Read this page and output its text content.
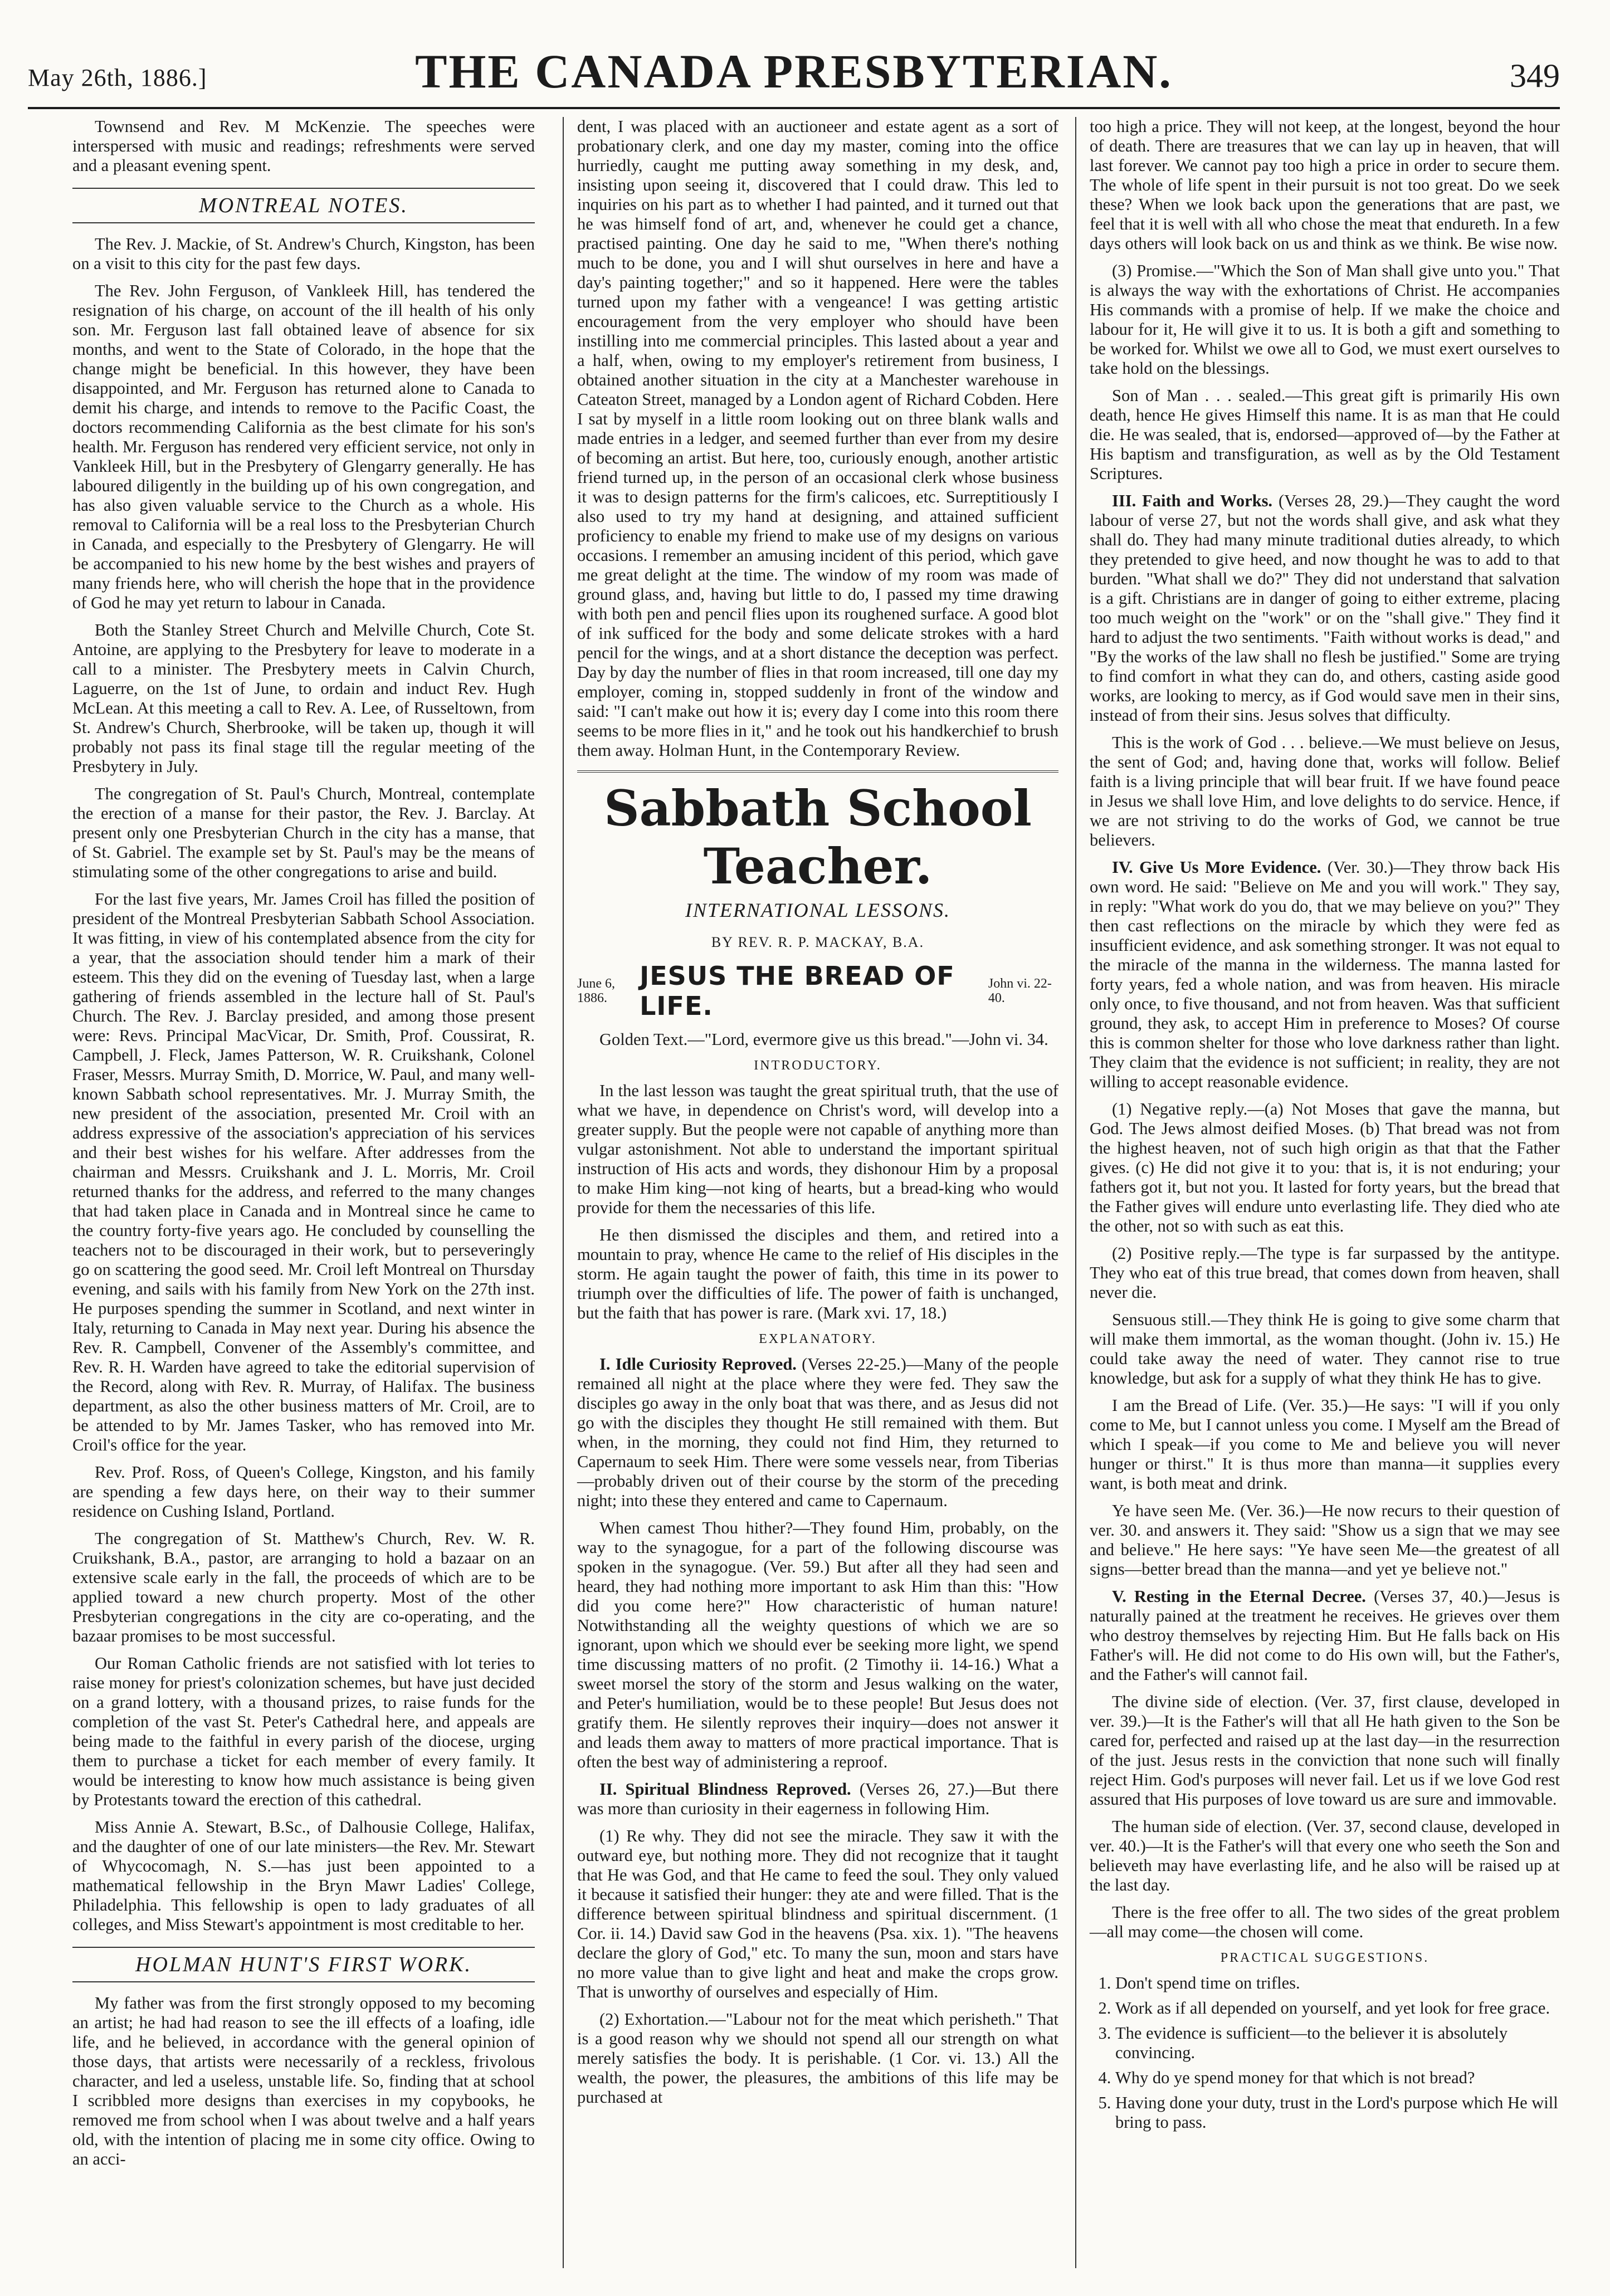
May 26th, 1886.]	THE CANADA PRESBYTERIAN.	349

Townsend and Rev. M McKenzie. The speeches were interspersed with music and readings; refreshments were served and a pleasant evening spent.

MONTREAL NOTES.

The Rev. J. Mackie, of St. Andrew's Church, Kingston, has been on a visit to this city for the past few days.

The Rev. John Ferguson, of Vankleek Hill, has tendered the resignation of his charge, on account of the ill health of his only son. Mr. Ferguson last fall obtained leave of absence for six months, and went to the State of Colorado, in the hope that the change might be beneficial. In this however, they have been disappointed, and Mr. Ferguson has returned alone to Canada to demit his charge, and intends to remove to the Pacific Coast, the doctors recommending California as the best climate for his son's health. Mr. Ferguson has rendered very efficient service, not only in Vankleek Hill, but in the Presbytery of Glengarry generally. He has laboured diligently in the building up of his own congregation, and has also given valuable service to the Church as a whole. His removal to California will be a real loss to the Presbyterian Church in Canada, and especially to the Presbytery of Glengarry. He will be accompanied to his new home by the best wishes and prayers of many friends here, who will cherish the hope that in the providence of God he may yet return to labour in Canada.

Both the Stanley Street Church and Melville Church, Cote St. Antoine, are applying to the Presbytery for leave to moderate in a call to a minister. The Presbytery meets in Calvin Church, Laguerre, on the 1st of June, to ordain and induct Rev. Hugh McLean. At this meeting a call to Rev. A. Lee, of Russeltown, from St. Andrew's Church, Sherbrooke, will be taken up, though it will probably not pass its final stage till the regular meeting of the Presbytery in July.

The congregation of St. Paul's Church, Montreal, contemplate the erection of a manse for their pastor, the Rev. J. Barclay. At present only one Presbyterian Church in the city has a manse, that of St. Gabriel. The example set by St. Paul's may be the means of stimulating some of the other congregations to arise and build.

For the last five years, Mr. James Croil has filled the position of president of the Montreal Presbyterian Sabbath School Association. It was fitting, in view of his contemplated absence from the city for a year, that the association should tender him a mark of their esteem. This they did on the evening of Tuesday last, when a large gathering of friends assembled in the lecture hall of St. Paul's Church. The Rev. J. Barclay presided, and among those present were: Revs. Principal MacVicar, Dr. Smith, Prof. Coussirat, R. Campbell, J. Fleck, James Patterson, W. R. Cruikshank, Colonel Fraser, Messrs. Murray Smith, D. Morrice, W. Paul, and many well-known Sabbath school representatives. Mr. J. Murray Smith, the new president of the association, presented Mr. Croil with an address expressive of the association's appreciation of his services and their best wishes for his welfare. After addresses from the chairman and Messrs. Cruikshank and J. L. Morris, Mr. Croil returned thanks for the address, and referred to the many changes that had taken place in Canada and in Montreal since he came to the country forty-five years ago. He concluded by counselling the teachers not to be discouraged in their work, but to perseveringly go on scattering the good seed. Mr. Croil left Montreal on Thursday evening, and sails with his family from New York on the 27th inst. He purposes spending the summer in Scotland, and next winter in Italy, returning to Canada in May next year. During his absence the Rev. R. Campbell, Convener of the Assembly's committee, and Rev. R. H. Warden have agreed to take the editorial supervision of the Record, along with Rev. R. Murray, of Halifax. The business department, as also the other business matters of Mr. Croil, are to be attended to by Mr. James Tasker, who has removed into Mr. Croil's office for the year.

Rev. Prof. Ross, of Queen's College, Kingston, and his family are spending a few days here, on their way to their summer residence on Cushing Island, Portland.

The congregation of St. Matthew's Church, Rev. W. R. Cruikshank, B.A., pastor, are arranging to hold a bazaar on an extensive scale early in the fall, the proceeds of which are to be applied toward a new church property. Most of the other Presbyterian congregations in the city are co-operating, and the bazaar promises to be most successful.

Our Roman Catholic friends are not satisfied with lot teries to raise money for priest's colonization schemes, but have just decided on a grand lottery, with a thousand prizes, to raise funds for the completion of the vast St. Peter's Cathedral here, and appeals are being made to the faithful in every parish of the diocese, urging them to purchase a ticket for each member of every family. It would be interesting to know how much assistance is being given by Protestants toward the erection of this cathedral.

Miss Annie A. Stewart, B.Sc., of Dalhousie College, Halifax, and the daughter of one of our late ministers—the Rev. Mr. Stewart of Whycocomagh, N. S.—has just been appointed to a mathematical fellowship in the Bryn Mawr Ladies' College, Philadelphia. This fellowship is open to lady graduates of all colleges, and Miss Stewart's appointment is most creditable to her.

HOLMAN HUNT'S FIRST WORK.

My father was from the first strongly opposed to my becoming an artist; he had had reason to see the ill effects of a loafing, idle life, and he believed, in accordance with the general opinion of those days, that artists were necessarily of a reckless, frivolous character, and led a useless, unstable life. So, finding that at school I scribbled more designs than exercises in my copybooks, he removed me from school when I was about twelve and a half years old, with the intention of placing me in some city office. Owing to an acci-

dent, I was placed with an auctioneer and estate agent as a sort of probationary clerk, and one day my master, coming into the office hurriedly, caught me putting away something in my desk, and, insisting upon seeing it, discovered that I could draw. This led to inquiries on his part as to whether I had painted, and it turned out that he was himself fond of art, and, whenever he could get a chance, practised painting. One day he said to me, "When there's nothing much to be done, you and I will shut ourselves in here and have a day's painting together;" and so it happened. Here were the tables turned upon my father with a vengeance! I was getting artistic encouragement from the very employer who should have been instilling into me commercial principles. This lasted about a year and a half, when, owing to my employer's retirement from business, I obtained another situation in the city at a Manchester warehouse in Cateaton Street, managed by a London agent of Richard Cobden. Here I sat by myself in a little room looking out on three blank walls and made entries in a ledger, and seemed further than ever from my desire of becoming an artist. But here, too, curiously enough, another artistic friend turned up, in the person of an occasional clerk whose business it was to design patterns for the firm's calicoes, etc. Surreptitiously I also used to try my hand at designing, and attained sufficient proficiency to enable my friend to make use of my designs on various occasions. I remember an amusing incident of this period, which gave me great delight at the time. The window of my room was made of ground glass, and, having but little to do, I passed my time drawing with both pen and pencil flies upon its roughened surface. A good blot of ink sufficed for the body and some delicate strokes with a hard pencil for the wings, and at a short distance the deception was perfect. Day by day the number of flies in that room increased, till one day my employer, coming in, stopped suddenly in front of the window and said: "I can't make out how it is; every day I come into this room there seems to be more flies in it," and he took out his handkerchief to brush them away. Holman Hunt, in the Contemporary Review.

Sabbath School Teacher.
INTERNATIONAL LESSONS.
BY REV. R. P. MACKAY, B.A.
June 6, 1886.
JESUS THE BREAD OF LIFE.
John vi. 22-40.

Golden Text.—"Lord, evermore give us this bread."—John vi. 34.

INTRODUCTORY.

In the last lesson was taught the great spiritual truth, that the use of what we have, in dependence on Christ's word, will develop into a greater supply. But the people were not capable of anything more than vulgar astonishment. Not able to understand the important spiritual instruction of His acts and words, they dishonour Him by a proposal to make Him king—not king of hearts, but a bread-king who would provide for them the necessaries of this life.

He then dismissed the disciples and them, and retired into a mountain to pray, whence He came to the relief of His disciples in the storm. He again taught the power of faith, this time in its power to triumph over the difficulties of life. The power of faith is unchanged, but the faith that has power is rare. (Mark xvi. 17, 18.)

EXPLANATORY.

I. Idle Curiosity Reproved. (Verses 22-25.)—Many of the people remained all night at the place where they were fed. They saw the disciples go away in the only boat that was there, and as Jesus did not go with the disciples they thought He still remained with them. But when, in the morning, they could not find Him, they returned to Capernaum to seek Him. There were some vessels near, from Tiberias—probably driven out of their course by the storm of the preceding night; into these they entered and came to Capernaum.

When camest Thou hither?—They found Him, probably, on the way to the synagogue, for a part of the following discourse was spoken in the synagogue. (Ver. 59.) But after all they had seen and heard, they had nothing more important to ask Him than this: "How did you come here?" How characteristic of human nature! Notwithstanding all the weighty questions of which we are so ignorant, upon which we should ever be seeking more light, we spend time discussing matters of no profit. (2 Timothy ii. 14-16.) What a sweet morsel the story of the storm and Jesus walking on the water, and Peter's humiliation, would be to these people! But Jesus does not gratify them. He silently reproves their inquiry—does not answer it and leads them away to matters of more practical importance. That is often the best way of administering a reproof.

II. Spiritual Blindness Reproved. (Verses 26, 27.)—But there was more than curiosity in their eagerness in following Him.

(1) Re why. They did not see the miracle. They saw it with the outward eye, but nothing more. They did not recognize that it taught that He was God, and that He came to feed the soul. They only valued it because it satisfied their hunger: they ate and were filled. That is the difference between spiritual blindness and spiritual discernment. (1 Cor. ii. 14.) David saw God in the heavens (Psa. xix. 1). "The heavens declare the glory of God," etc. To many the sun, moon and stars have no more value than to give light and heat and make the crops grow. That is unworthy of ourselves and especially of Him.

(2) Exhortation.—"Labour not for the meat which perisheth." That is a good reason why we should not spend all our strength on what merely satisfies the body. It is perishable. (1 Cor. vi. 13.) All the wealth, the power, the pleasures, the ambitions of this life may be purchased at

too high a price. They will not keep, at the longest, beyond the hour of death. There are treasures that we can lay up in heaven, that will last forever. We cannot pay too high a price in order to secure them. The whole of life spent in their pursuit is not too great. Do we seek these? When we look back upon the generations that are past, we feel that it is well with all who chose the meat that endureth. In a few days others will look back on us and think as we think. Be wise now.

(3) Promise.—"Which the Son of Man shall give unto you." That is always the way with the exhortations of Christ. He accompanies His commands with a promise of help. If we make the choice and labour for it, He will give it to us. It is both a gift and something to be worked for. Whilst we owe all to God, we must exert ourselves to take hold on the blessings.

Son of Man . . . sealed.—This great gift is primarily His own death, hence He gives Himself this name. It is as man that He could die. He was sealed, that is, endorsed—approved of—by the Father at His baptism and transfiguration, as well as by the Old Testament Scriptures.

III. Faith and Works. (Verses 28, 29.)—They caught the word labour of verse 27, but not the words shall give, and ask what they shall do. They had many minute traditional duties already, to which they pretended to give heed, and now thought he was to add to that burden. "What shall we do?" They did not understand that salvation is a gift. Christians are in danger of going to either extreme, placing too much weight on the "work" or on the "shall give." They find it hard to adjust the two sentiments. "Faith without works is dead," and "By the works of the law shall no flesh be justified." Some are trying to find comfort in what they can do, and others, casting aside good works, are looking to mercy, as if God would save men in their sins, instead of from their sins. Jesus solves that difficulty.

This is the work of God . . . believe.—We must believe on Jesus, the sent of God; and, having done that, works will follow. Belief faith is a living principle that will bear fruit. If we have found peace in Jesus we shall love Him, and love delights to do service. Hence, if we are not striving to do the works of God, we cannot be true believers.

IV. Give Us More Evidence. (Ver. 30.)—They throw back His own word. He said: "Believe on Me and you will work." They say, in reply: "What work do you do, that we may believe on you?" They then cast reflections on the miracle by which they were fed as insufficient evidence, and ask something stronger. It was not equal to the miracle of the manna in the wilderness. The manna lasted for forty years, fed a whole nation, and was from heaven. His miracle only once, to five thousand, and not from heaven. Was that sufficient ground, they ask, to accept Him in preference to Moses? Of course this is common shelter for those who love darkness rather than light. They claim that the evidence is not sufficient; in reality, they are not willing to accept reasonable evidence.

(1) Negative reply.—(a) Not Moses that gave the manna, but God. The Jews almost deified Moses. (b) That bread was not from the highest heaven, not of such high origin as that that the Father gives. (c) He did not give it to you: that is, it is not enduring; your fathers got it, but not you. It lasted for forty years, but the bread that the Father gives will endure unto everlasting life. They died who ate the other, not so with such as eat this.

(2) Positive reply.—The type is far surpassed by the antitype. They who eat of this true bread, that comes down from heaven, shall never die.

Sensuous still.—They think He is going to give some charm that will make them immortal, as the woman thought. (John iv. 15.) He could take away the need of water. They cannot rise to true knowledge, but ask for a supply of what they think He has to give.

I am the Bread of Life. (Ver. 35.)—He says: "I will if you only come to Me, but I cannot unless you come. I Myself am the Bread of which I speak—if you come to Me and believe you will never hunger or thirst." It is thus more than manna—it supplies every want, is both meat and drink.

Ye have seen Me. (Ver. 36.)—He now recurs to their question of ver. 30. and answers it. They said: "Show us a sign that we may see and believe." He here says: "Ye have seen Me—the greatest of all signs—better bread than the manna—and yet ye believe not."

V. Resting in the Eternal Decree. (Verses 37, 40.)—Jesus is naturally pained at the treatment he receives. He grieves over them who destroy themselves by rejecting Him. But He falls back on His Father's will. He did not come to do His own will, but the Father's, and the Father's will cannot fail.

The divine side of election. (Ver. 37, first clause, developed in ver. 39.)—It is the Father's will that all He hath given to the Son be cared for, perfected and raised up at the last day—in the resurrection of the just. Jesus rests in the conviction that none such will finally reject Him. God's purposes will never fail. Let us if we love God rest assured that His purposes of love toward us are sure and immovable.

The human side of election. (Ver. 37, second clause, developed in ver. 40.)—It is the Father's will that every one who seeth the Son and believeth may have everlasting life, and he also will be raised up at the last day.

There is the free offer to all. The two sides of the great problem—all may come—the chosen will come.

PRACTICAL SUGGESTIONS.
1. Don't spend time on trifles.
2. Work as if all depended on yourself, and yet look for free grace.
3. The evidence is sufficient—to the believer it is absolutely convincing.
4. Why do ye spend money for that which is not bread?
5. Having done your duty, trust in the Lord's purpose which He will bring to pass.
